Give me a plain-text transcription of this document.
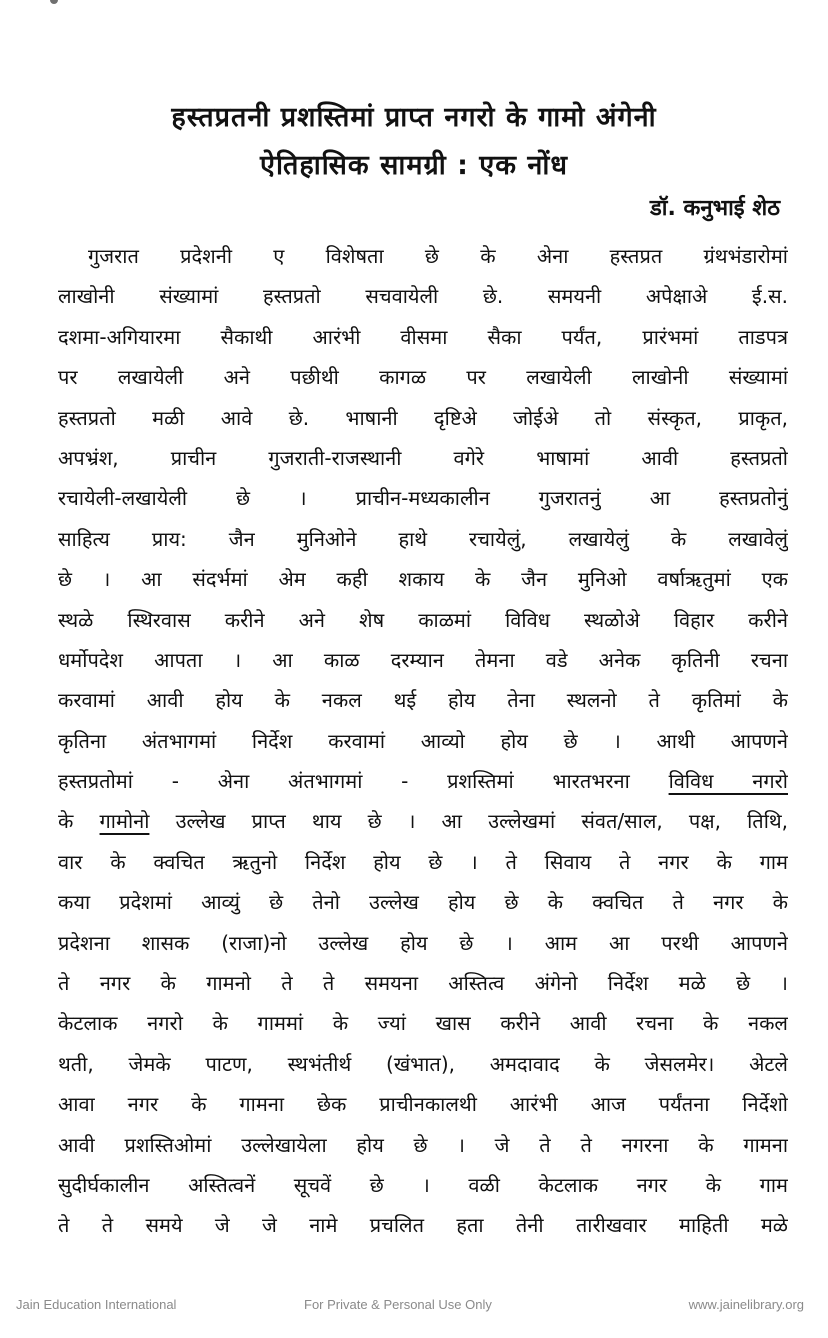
हस्तप्रतनी प्रशस्तिमां प्राप्त नगरो के गामो अंगेनी
ऐतिहासिक सामग्री : एक नोंध
डॉ. कनुभाई शेठ
गुजरात प्रदेशनी ए विशेषता छे के अेना हस्तप्रत ग्रंथभंडारोमां
लाखोनी संख्यामां हस्तप्रतो सचवायेली छे. समयनी अपेक्षाअे ई.स.
दशमा-अगियारमा सैकाथी आरंभी वीसमा सैका पर्यंत, प्रारंभमां ताडपत्र
पर लखायेली अने पछीथी कागळ पर लखायेली लाखोनी संख्यामां
हस्तप्रतो मळी आवे छे. भाषानी दृष्टिअे जोईअे तो संस्कृत, प्राकृत,
अपभ्रंश, प्राचीन गुजराती-राजस्थानी वगेरे भाषामां आवी हस्तप्रतो
रचायेली-लखायेली छे । प्राचीन-मध्यकालीन गुजरातनुं आ हस्तप्रतोनुं
साहित्य प्राय: जैन मुनिओने हाथे रचायेलुं, लखायेलुं के लखावेलुं
छे । आ संदर्भमां अेम कही शकाय के जैन मुनिओ वर्षाऋतुमां एक
स्थळे स्थिरवास करीने अने शेष काळमां विविध स्थळोअे विहार करीने
धर्मोपदेश आपता । आ काळ दरम्यान तेमना वडे अनेक कृतिनी रचना
करवामां आवी होय के नकल थई होय तेना स्थलनो ते कृतिमां के
कृतिना अंतभागमां निर्देश करवामां आव्यो होय छे । आथी आपणने
हस्तप्रतोमां - अेना अंतभागमां - प्रशस्तिमां भारतभरना विविध नगरो
के गामोनो उल्लेख प्राप्त थाय छे । आ उल्लेखमां संवत/साल, पक्ष, तिथि,
वार के क्वचित ऋतुनो निर्देश होय छे । ते सिवाय ते नगर के गाम
कया प्रदेशमां आव्युं छे तेनो उल्लेख होय छे के क्वचित ते नगर के
प्रदेशना शासक (राजा)नो उल्लेख होय छे । आम आ परथी आपणने
ते नगर के गामनो ते ते समयना अस्तित्व अंगेनो निर्देश मळे छे ।
केटलाक नगरो के गाममां के ज्यां खास करीने आवी रचना के नकल
थती, जेमके पाटण, स्थभंतीर्थ (खंभात), अमदावाद के जेसलमेर। अेटले
आवा नगर के गामना छेक प्राचीनकालथी आरंभी आज पर्यंतना निर्देशो
आवी प्रशस्तिओमां उल्लेखायेला होय छे । जे ते ते नगरना के गामना
सुदीर्घकालीन अस्तित्वनें सूचवें छे । वळी केटलाक नगर के गाम
ते ते समये जे जे नामे प्रचलित हता तेनी तारीखवार माहिती मळे
Jain Education International	For Private & Personal Use Only	www.jainelibrary.org
